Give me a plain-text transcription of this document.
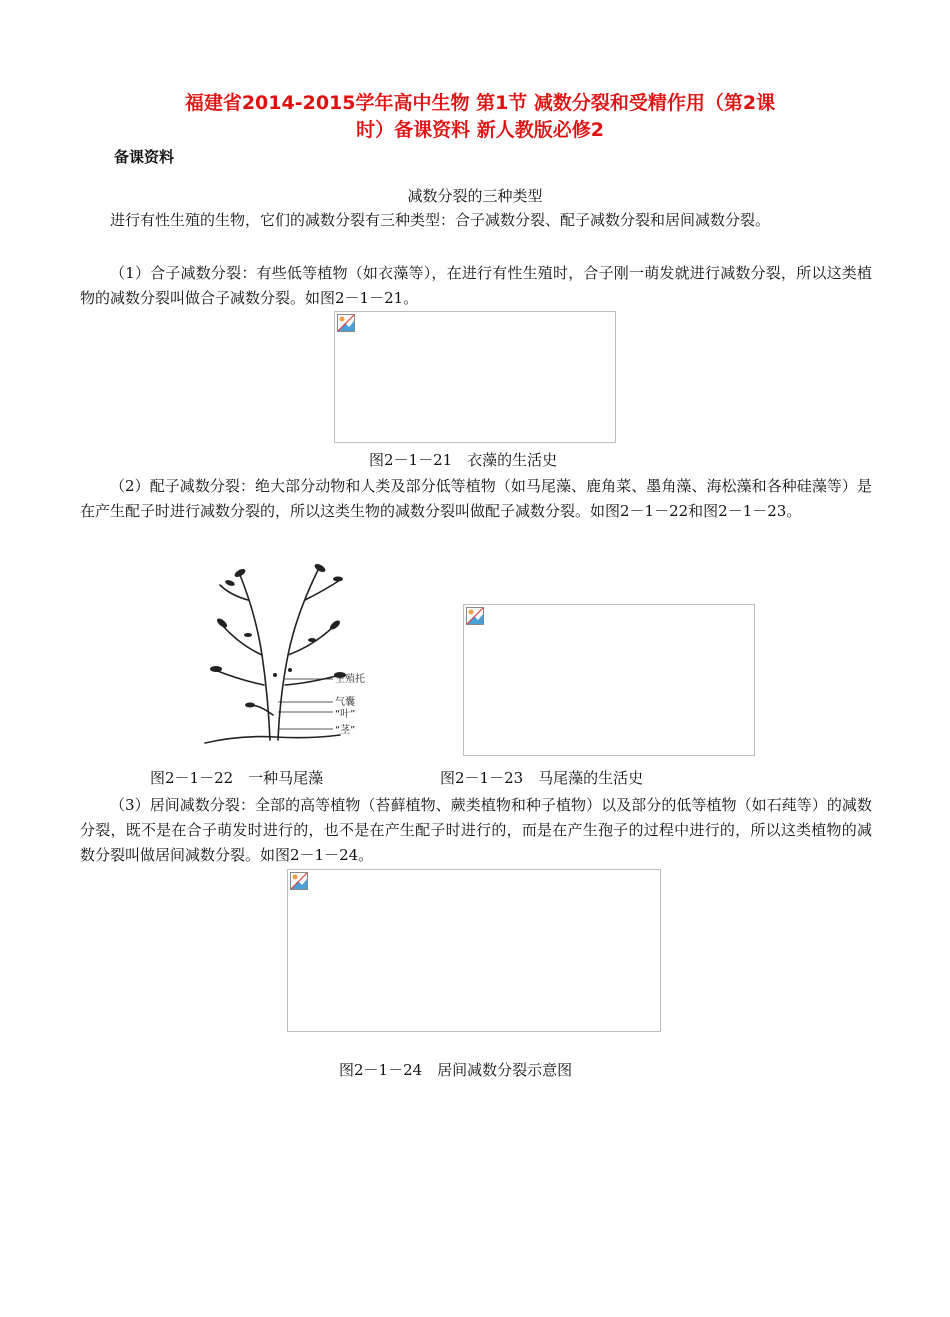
福建省2014-2015学年高中生物 第1节 减数分裂和受精作用（第2课
时）备课资料 新人教版必修2
备课资料
减数分裂的三种类型
进行有性生殖的生物，它们的减数分裂有三种类型：合子减数分裂、配子减数分裂和居间减数分裂。
（1）合子减数分裂：有些低等植物（如衣藻等），在进行有性生殖时，合子刚一萌发就进行减数分裂，所以这类植物的减数分裂叫做合子减数分裂。如图2－1－21。
图2－1－21　衣藻的生活史
（2）配子减数分裂：绝大部分动物和人类及部分低等植物（如马尾藻、鹿角菜、墨角藻、海松藻和各种硅藻等）是在产生配子时进行减数分裂的，所以这类生物的减数分裂叫做配子减数分裂。如图2－1－22和图2－1－23。
生殖托
气囊
“叶”
“茎”
图2－1－22　一种马尾藻	图2－1－23　马尾藻的生活史
（3）居间减数分裂：全部的高等植物（苔藓植物、蕨类植物和种子植物）以及部分的低等植物（如石莼等）的减数分裂，既不是在合子萌发时进行的，也不是在产生配子时进行的，而是在产生孢子的过程中进行的，所以这类植物的减数分裂叫做居间减数分裂。如图2－1－24。
图2－1－24　居间减数分裂示意图
